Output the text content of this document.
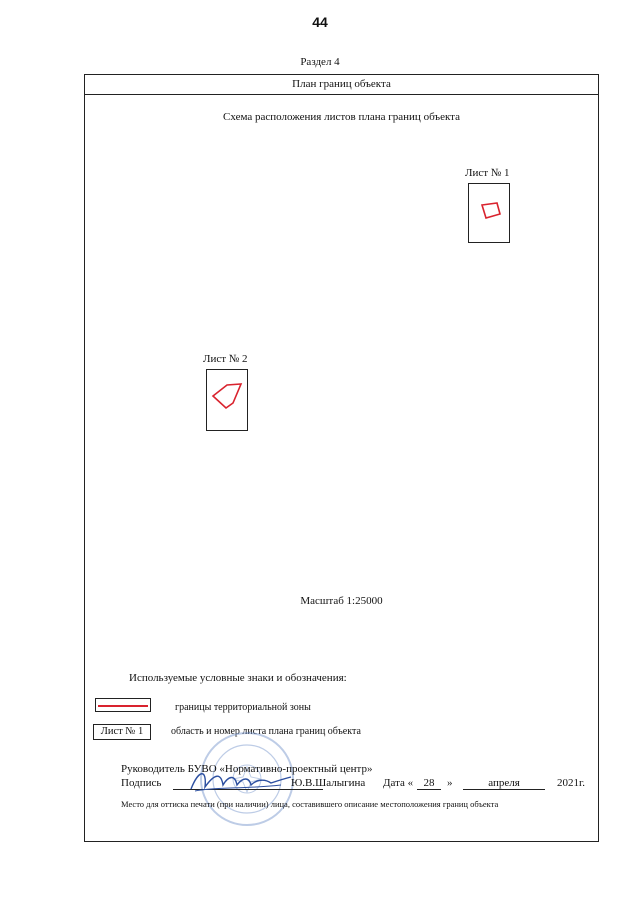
44
Раздел 4
План границ объекта
Схема расположения листов плана границ объекта
Лист № 1
Лист № 2
Масштаб 1:25000
Используемые условные знаки и обозначения:
границы территориальной зоны
Лист № 1	область и номер листа плана границ объекта
Руководитель БУВО «Нормативно-проектный центр»
Подпись	Ю.В.Шалыгина Дата « 28	»	апреля	2021г.
Место для оттиска печати (при наличии) лица, составившего описание местоположения границ объекта
